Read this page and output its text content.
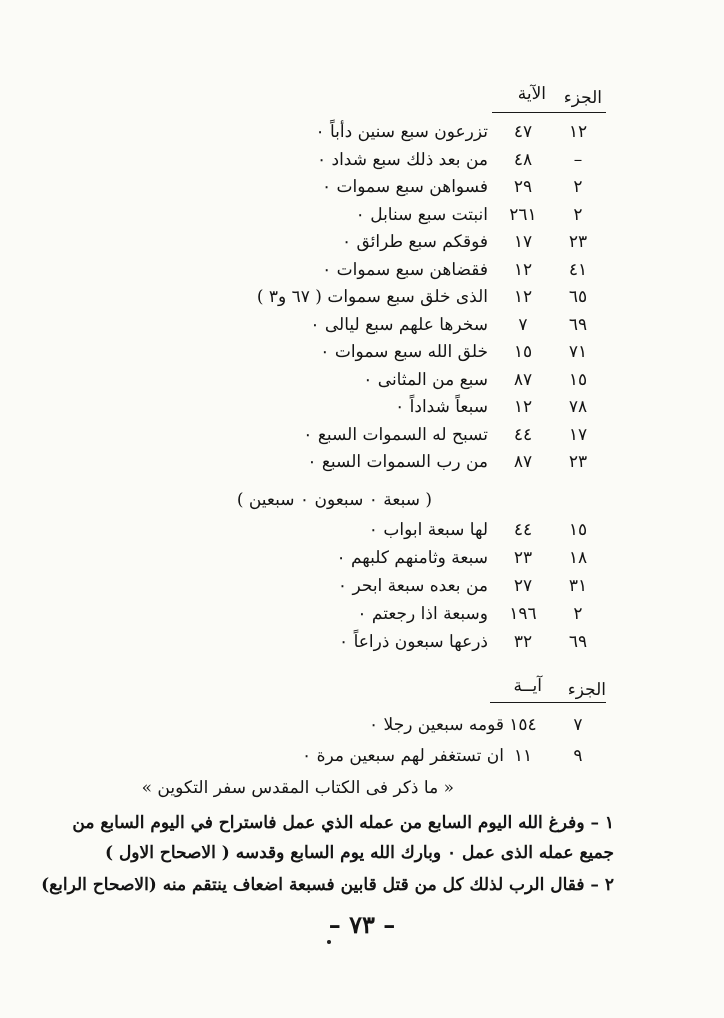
الجزء
الآية
١٢
٤٧
تزرعون سبع سنين دأباً ٠
–
٤٨
من بعد ذلك سبع شداد ٠
٢
٢٩
فسواهن سبع سموات ٠
٢
٢٦١
انبتت سبع سنابل ٠
٢٣
١٧
فوقكم سبع طرائق ٠
٤١
١٢
فقضاهن سبع سموات ٠
٦٥
١٢
الذى خلق سبع سموات ( ٦٧ و٣ )
٦٩
٧
سخرها علهم سبع ليالى ٠
٧١
١٥
خلق الله سبع سموات ٠
١٥
٨٧
سبع من المثانى ٠
٧٨
١٢
سبعاً شداداً ٠
١٧
٤٤
تسبح له السموات السبع ٠
٢٣
٨٧
من رب السموات السبع ٠
( سبعة ٠ سبعون ٠ سبعين )
١٥
٤٤
لها سبعة ابواب ٠
١٨
٢٣
سبعة وثامنهم كلبهم ٠
٣١
٢٧
من بعده سبعة ابحر ٠
٢
١٩٦
وسبعة اذا رجعتم ٠
٦٩
٣٢
ذرعها سبعون ذراعاً ٠
الجزء
آيــة
٧
١٥٤
قومه سبعين رجلا ٠
٩
١١
ان تستغفر لهم سبعين مرة ٠
« ما ذكر فى الكتاب المقدس سفر التكوين »
١ – وفرغ الله اليوم السابع من عمله الذي عمل فاستراح في اليوم السابع من
جميع عمله الذى عمل ٠ وبارك الله يوم السابع وقدسه ( الاصحاح الاول )
٢ – فقال الرب لذلك كل من قتل قابين فسبعة اضعاف ينتقم منه (الاصحاح الرابع)
– ٧٣ –
